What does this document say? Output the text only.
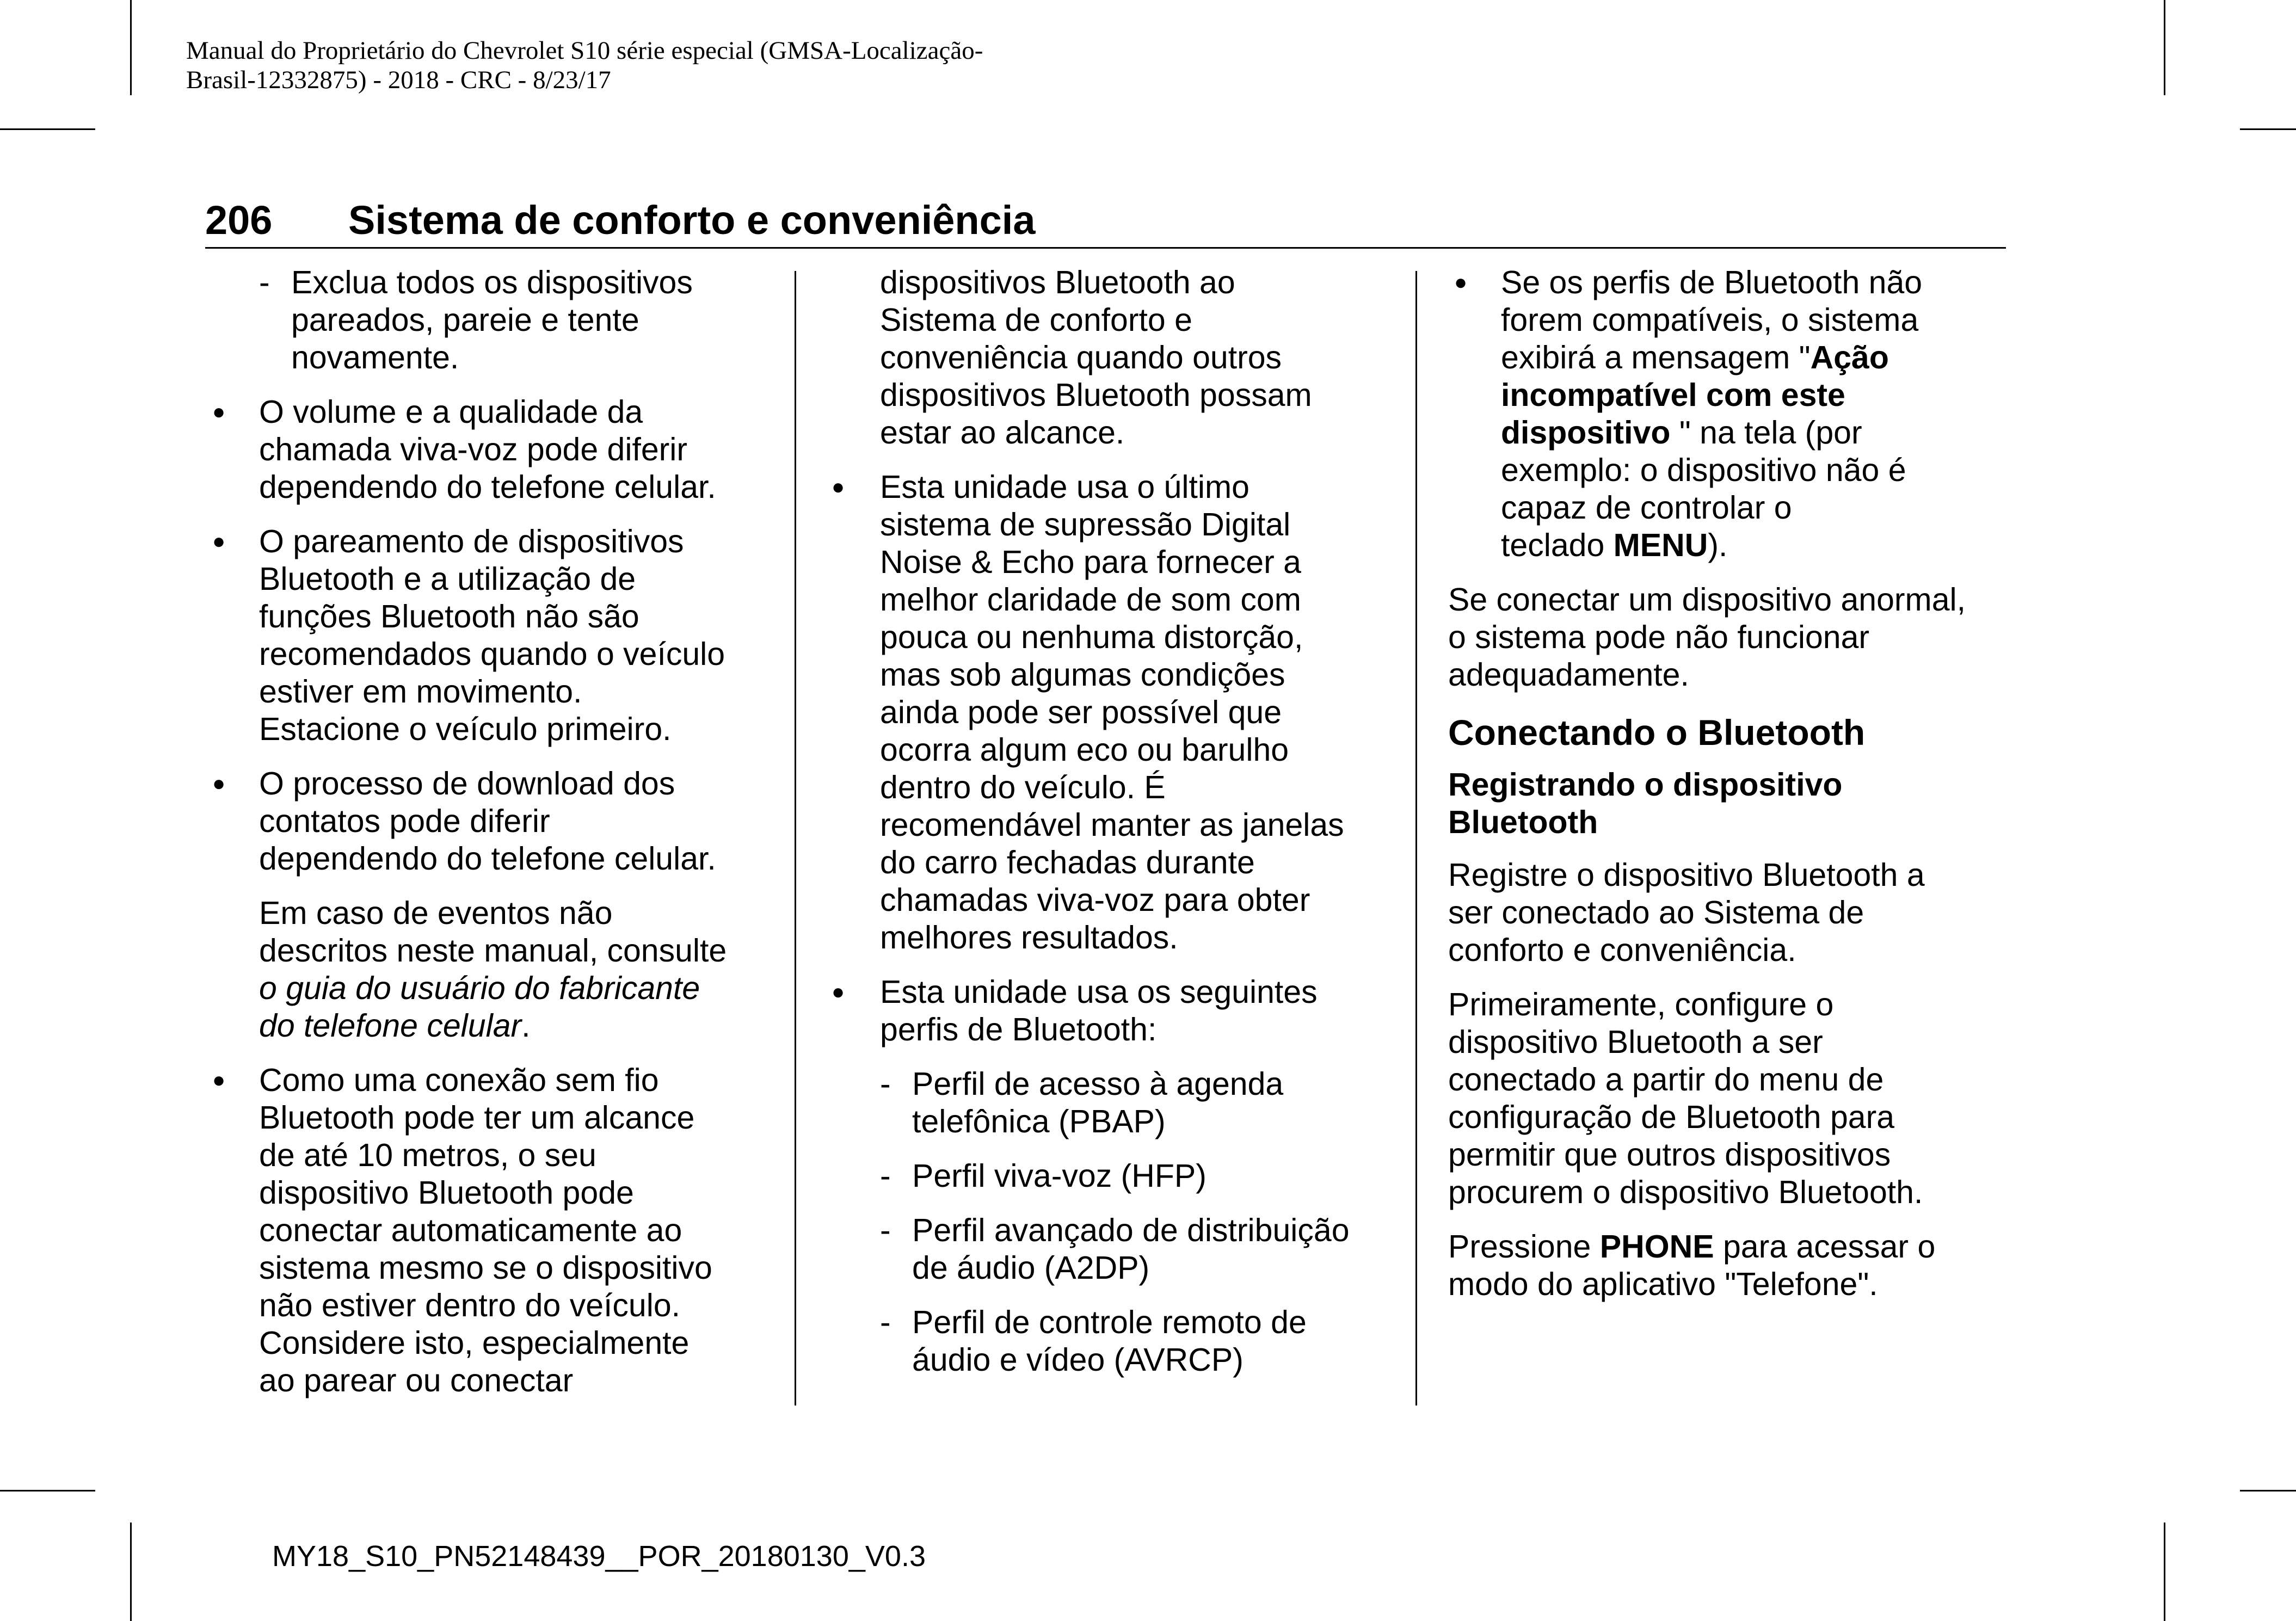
Manual do Proprietário do Chevrolet S10 série especial (GMSA-Localização-
Brasil-12332875) - 2018 - CRC - 8/23/17
206 Sistema de conforto e conveniência
- Exclua todos os dispositivos
pareados, pareie e tente
novamente.
● O volume e a qualidade da
chamada viva-voz pode diferir
dependendo do telefone celular.
● O pareamento de dispositivos
Bluetooth e a utilização de
funções Bluetooth não são
recomendados quando o veículo
estiver em movimento.
Estacione o veículo primeiro.
● O processo de download dos
contatos pode diferir
dependendo do telefone celular.
Em caso de eventos não
descritos neste manual, consulte
o guia do usuário do fabricante
do telefone celular.
● Como uma conexão sem fio
Bluetooth pode ter um alcance
de até 10 metros, o seu
dispositivo Bluetooth pode
conectar automaticamente ao
sistema mesmo se o dispositivo
não estiver dentro do veículo.
Considere isto, especialmente
ao parear ou conectar
dispositivos Bluetooth ao
Sistema de conforto e
conveniência quando outros
dispositivos Bluetooth possam
estar ao alcance.
● Esta unidade usa o último
sistema de supressão Digital
Noise & Echo para fornecer a
melhor claridade de som com
pouca ou nenhuma distorção,
mas sob algumas condições
ainda pode ser possível que
ocorra algum eco ou barulho
dentro do veículo. É
recomendável manter as janelas
do carro fechadas durante
chamadas viva-voz para obter
melhores resultados.
● Esta unidade usa os seguintes
perfis de Bluetooth:
- Perfil de acesso à agenda
telefônica (PBAP)
- Perfil viva-voz (HFP)
- Perfil avançado de distribuição
de áudio (A2DP)
- Perfil de controle remoto de
áudio e vídeo (AVRCP)
● Se os perfis de Bluetooth não
forem compatíveis, o sistema
exibirá a mensagem "Ação
incompatível com este
dispositivo " na tela (por
exemplo: o dispositivo não é
capaz de controlar o
teclado MENU).
Se conectar um dispositivo anormal,
o sistema pode não funcionar
adequadamente.
Conectando o Bluetooth
Registrando o dispositivo
Bluetooth
Registre o dispositivo Bluetooth a
ser conectado ao Sistema de
conforto e conveniência.
Primeiramente, configure o
dispositivo Bluetooth a ser
conectado a partir do menu de
configuração de Bluetooth para
permitir que outros dispositivos
procurem o dispositivo Bluetooth.
Pressione PHONE para acessar o
modo do aplicativo "Telefone".
MY18_S10_PN52148439__POR_20180130_V0.3
